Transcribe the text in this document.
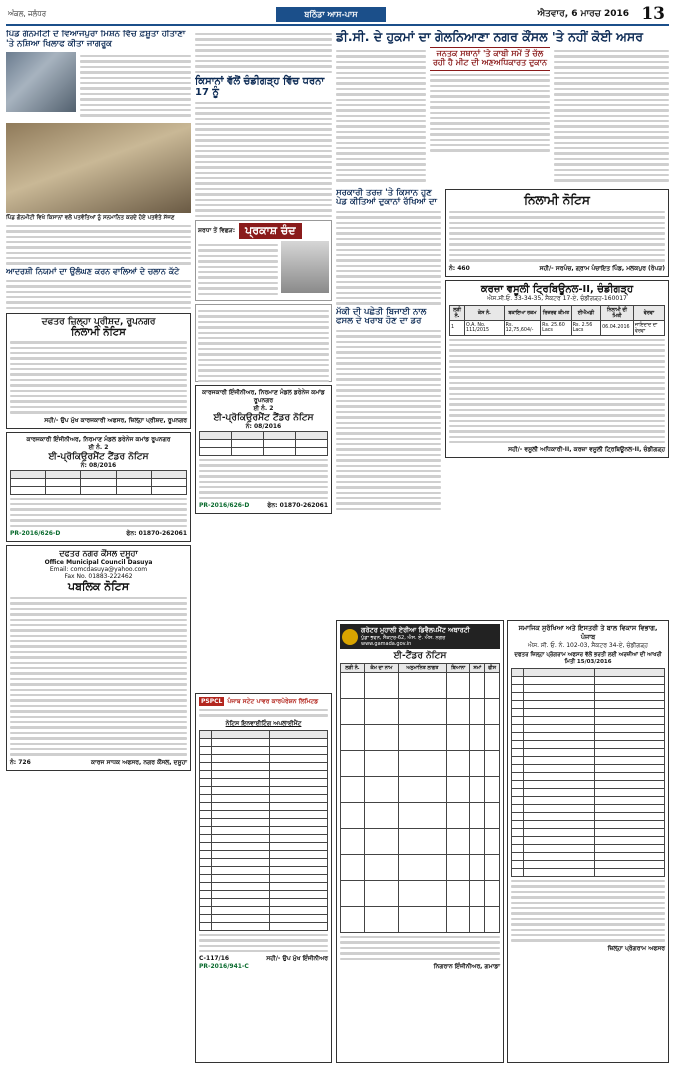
ਅੰਕਲ, ਜਲੰਧਰ	ਬਠਿੰਡਾ ਆਸ-ਪਾਸ	ਐਤਵਾਰ, 6 ਮਾਰਚ 2016 13
ਪਿੰਡ ਗੰਨਮੀਟੀ ਦੇ ਵਿਆਜਪੁਰਾ ਮਿਸ਼ਨ ਵਿੱਚ ਫ਼ਸ਼ੂਤਾ ਹੀਤਾਣਾ 'ਤੇ ਨਸ਼ਿਆ ਖਿਲਾਫ ਕੀਤਾ ਜਾਗਰੂਕ
ਪਿੰਡ ਗੰਨਮੀਟੀ ਵਿਖੇ ਕਿਸਾਨਾਂ ਵਲੋਂ ਪਤਵੰਤਿਆਂ ਨੂੰ ਸਨਮਾਨਿਤ ਕਰਦੇ ਹੋਏ ਪਤਵੰਤੇ ਸੱਜਣ
ਆਦਰਸ਼ੀ ਨਿਯਮਾਂ ਦਾ ਉਲੰਘਣ ਕਰਨ ਵਾਲਿਆਂ ਦੇ ਚਲਾਨ ਕੱਟੇ
ਦਫਤਰ ਜ਼ਿਲ੍ਹਾ ਪ੍ਰੀਸ਼ਦ, ਰੂਪਨਗਰ
ਨਿਲਾਮੀ ਨੋਟਿਸ
ਸਹੀ/- ਉਪ ਮੁੱਖ ਕਾਰਜਕਾਰੀ ਅਫਸਰ, ਜ਼ਿਲ੍ਹਾ ਪ੍ਰੀਸ਼ਦ, ਰੂਪਨਗਰ
ਕਾਰਜਕਾਰੀ ਇੰਜੀਨੀਅਰ, ਨਿਰਮਾਣ ਮੰਡਲ ਡਰੇਨੇਜ ਕਮਾਂਡ ਰੂਪਨਗਰ
ਈ ਨੰ. 2
ਈ-ਪ੍ਰੋਕਿਉਰਮੈਂਟ ਟੈਂਡਰ ਨੋਟਿਸ
ਨੰ: 08/2016

PR-2016/626-D	ਫੋਨ: 01870-262061
ਦਫਤਰ ਨਗਰ ਕੌਂਸਲ ਦਸੂਹਾ
Office Municipal Council Dasuya
Email: comcdasuya@yahoo.com
Fax No. 01883-222462
ਪਬਲਿਕ ਨੋਟਿਸ
ਨੰ: 726	ਕਾਰਜ ਸਾਧਕ ਅਫਸਰ, ਨਗਰ ਕੌਂਸਲ, ਦਸੂਹਾ
ਕਿਸਾਨਾਂ ਵੱਲੋਂ ਚੰਡੀਗੜ੍ਹ ਵਿੱਚ ਧਰਨਾ 17 ਨੂੰ
ਸ਼ਰਧਾ ਤੋਂ ਵਿਛੜ: ਪ੍ਰਕਾਸ਼ ਚੰਦ
ਕਾਰਜਕਾਰੀ ਇੰਜੀਨੀਅਰ, ਨਿਰਮਾਣ ਮੰਡਲ ਡਰੇਨੇਜ ਕਮਾਂਡ ਰੂਪਨਗਰ
ਈ ਨੰ. 2
ਈ-ਪ੍ਰੋਕਿਉਰਮੈਂਟ ਟੈਂਡਰ ਨੋਟਿਸ
ਨੰ: 08/2016

PR-2016/626-D	ਫੋਨ: 01870-262061
PSPCL ਪੰਜਾਬ ਸਟੇਟ ਪਾਵਰ ਕਾਰਪੋਰੇਸ਼ਨ ਲਿਮਿਟਡ
ਨੋਟਿਸ ਇਨਵਾਈਟਿੰਗ ਅਪਲਾਈਮੈਂਟ

C-117/16	ਸਹੀ/- ਉਪ ਮੁੱਖ ਇੰਜੀਨੀਅਰ
PR-2016/941-C
ਡੀ.ਸੀ. ਦੇ ਹੁਕਮਾਂ ਦਾ ਗੇਲਨਿਆਣਾ ਨਗਰ ਕੌਂਸਲ 'ਤੇ ਨਹੀਂ ਕੋਈ ਅਸਰ
ਜਨਤਕ ਸਥਾਨਾਂ 'ਤੇ ਕਾਬੀ ਸਮੇਂ ਤੋਂ ਚੱਲ ਰਹੀ ਹੈ ਮੀਟ ਦੀ ਅਣਅਧਿਕਾਰਤ ਦੁਕਾਨ
ਸਰਕਾਰੀ ਤਰਜ਼ 'ਤੇ ਕਿਸਾਨ ਹੁਣ ਪੇਡ ਕੀਤਿਆਂ ਦੁਕਾਨਾਂ ਰੱਖਿਆਂ ਦਾ
ਮੱਕੀ ਦੀ ਪਛੇਤੀ ਬਿਜਾਈ ਨਾਲ ਫਸਲ ਦੇ ਖਰਾਬ ਹੋਣ ਦਾ ਡਰ
ਨਿਲਾਮੀ ਨੋਟਿਸ
ਨੰ: 460	ਸਹੀ/- ਸਰਪੰਚ, ਗ੍ਰਾਮ ਪੰਚਾਇਤ ਪਿੰਡ, ਮਲਕਪੁਰ (ਰੋਪੜ)
ਕਰਜ਼ਾ ਵਸੂਲੀ ਟ੍ਰਿਬਿਊਨਲ-II, ਚੰਡੀਗੜ੍ਹ
ਐਸ.ਸੀ.ਓ. 33-34-35, ਸੈਕਟਰ 17-ਏ, ਚੰਡੀਗੜ੍ਹ-160017
ਲੜੀ ਨੰ.	ਕੇਸ ਨੰ.	ਬਕਾਇਆ ਰਕਮ	ਰਿਜ਼ਰਵ ਕੀਮਤ	ਈਐਮਡੀ	ਨਿਲਾਮੀ ਦੀ ਮਿਤੀ	ਵੇਰਵਾ
1	O.A. No. 111/2015	Rs. 12,75,604/-	Rs. 25.60 Lacs	Rs. 2.56 Lacs	06.04.2016	ਜਾਇਦਾਦ ਦਾ ਵੇਰਵਾ
ਸਹੀ/- ਵਸੂਲੀ ਅਧਿਕਾਰੀ-II, ਕਰਜ਼ਾ ਵਸੂਲੀ ਟ੍ਰਿਬਿਊਨਲ-II, ਚੰਡੀਗੜ੍ਹ
ਗਰੇਟਰ ਮੁਹਾਲੀ ਏਰੀਆ ਡਿਵੈਲਪਮੈਂਟ ਅਥਾਰਟੀ
ਪੁੱਡਾ ਭਵਨ, ਸੈਕਟਰ-62, ਐਸ. ਏ. ਐਸ. ਨਗਰ
www.gamada.gov.in
ਈ-ਟੈਂਡਰ ਨੋਟਿਸ
ਲੜੀ ਨੰ.	ਕੰਮ ਦਾ ਨਾਮ	ਅਨੁਮਾਨਿਤ ਲਾਗਤ	ਬਿਆਨਾ	ਸਮਾਂ	ਫੀਸ

ਨਿਗਰਾਨ ਇੰਜੀਨੀਅਰ, ਗਮਾਡਾ
ਸਮਾਜਿਕ ਸੁਰੱਖਿਆ ਅਤੇ ਇਸਤਰੀ ਤੇ ਬਾਲ ਵਿਕਾਸ ਵਿਭਾਗ, ਪੰਜਾਬ
ਐਸ. ਸੀ. ਓ. ਨੰ. 102-03, ਸੈਕਟਰ 34-ਏ, ਚੰਡੀਗੜ੍ਹ
ਦਫਤਰ ਜ਼ਿਲ੍ਹਾ ਪ੍ਰੋਗਰਾਮ ਅਫਸਰ ਵੱਲੋਂ ਭਰਤੀ ਲਈ ਅਰਜ਼ੀਆਂ ਦੀ ਆਖਰੀ ਮਿਤੀ 15/03/2016

ਜ਼ਿਲ੍ਹਾ ਪ੍ਰੋਗਰਾਮ ਅਫਸਰ
